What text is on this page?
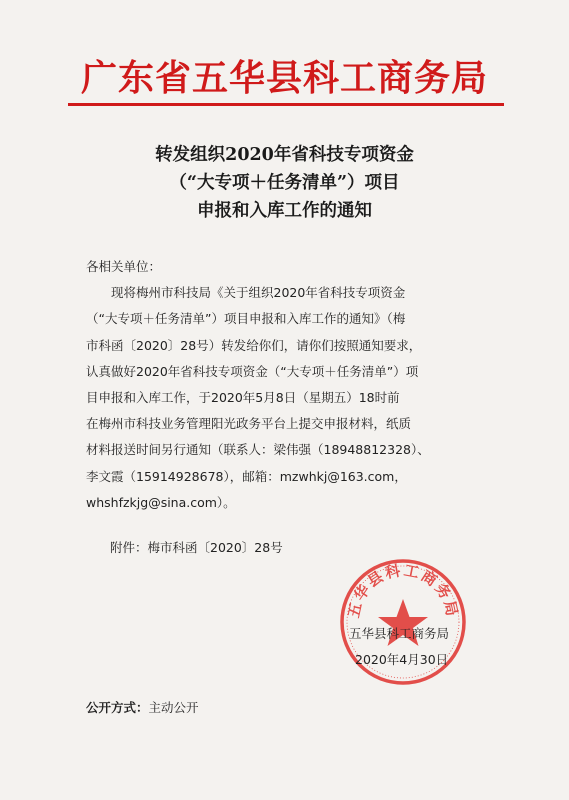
广东省五华县科工商务局
转发组织2020年省科技专项资金
（“大专项＋任务清单”）项目
申报和入库工作的通知
各相关单位：
现将梅州市科技局《关于组织2020年省科技专项资金
（“大专项＋任务清单”）项目申报和入库工作的通知》（梅
市科函〔2020〕28号）转发给你们，请你们按照通知要求，
认真做好2020年省科技专项资金（“大专项＋任务清单”）项
目申报和入库工作，于2020年5月8日（星期五）18时前
在梅州市科技业务管理阳光政务平台上提交申报材料，纸质
材料报送时间另行通知（联系人：梁伟强（18948812328）、
李文霞（15914928678），邮箱：mzwhkj@163.com，
whshfzkjg@sina.com）。
附件：梅市科函〔2020〕28号
五华县科工商务局
五华县科工商务局
2020年4月30日
公开方式：主动公开
